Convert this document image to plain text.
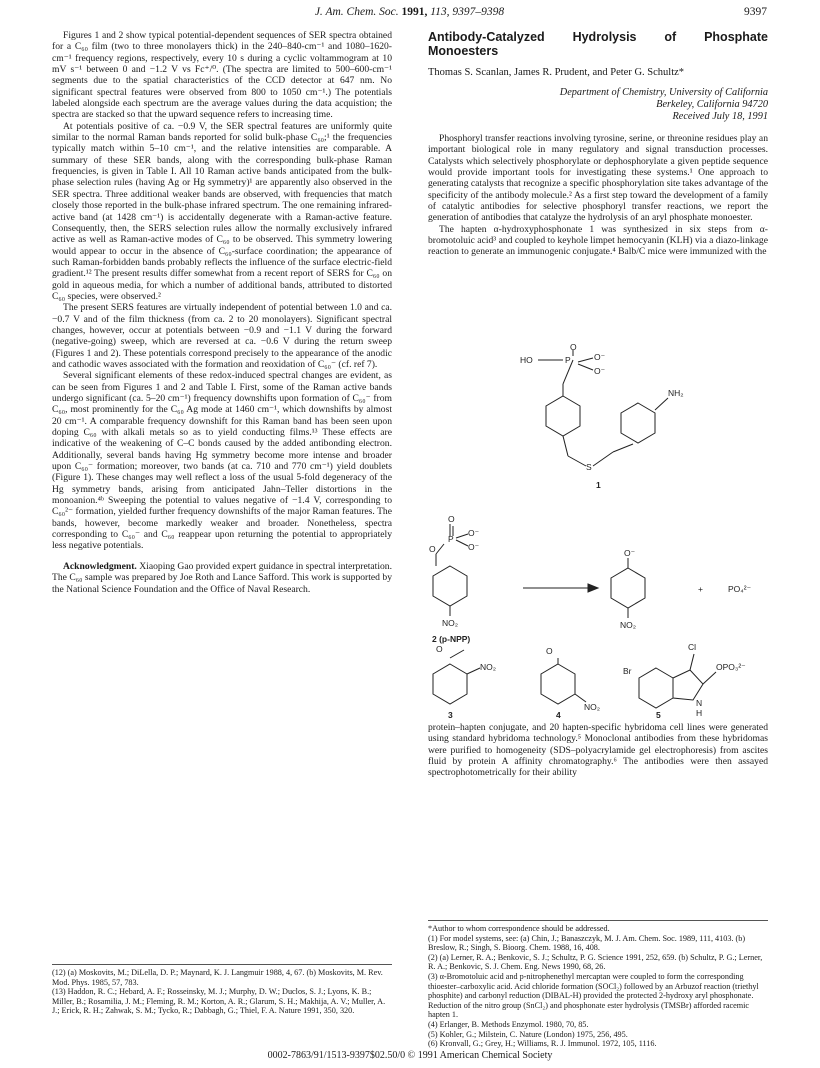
J. Am. Chem. Soc. 1991, 113, 9397–9398	9397

Figures 1 and 2 show typical potential-dependent sequences of SER spectra obtained for a C₆₀ film (two to three monolayers thick) in the 240–840-cm⁻¹ and 1080–1620-cm⁻¹ frequency regions, respectively, every 10 s during a cyclic voltammogram at 10 mV s⁻¹ between 0 and −1.2 V vs Fc⁺/⁰. (The spectra are limited to 500–600-cm⁻¹ segments due to the spatial characteristics of the CCD detector at 647 nm. No significant spectral features were observed from 800 to 1050 cm⁻¹.) The potentials labeled alongside each spectrum are the average values during the data acquistion; the spectra are stacked so that the upward sequence refers to increasing time.

At potentials positive of ca. −0.9 V, the SER spectral features are uniformly quite similar to the normal Raman bands reported for solid bulk-phase C₆₀;¹ the frequencies typically match within 5–10 cm⁻¹, and the relative intensities are comparable. A summary of these SER bands, along with the corresponding bulk-phase Raman frequencies, is given in Table I. All 10 Raman active bands anticipated from the bulk-phase selection rules (having Ag or Hg symmetry)¹ are apparently also observed in the SER spectra. Three additional weaker bands are observed, with frequencies that match closely those reported in the bulk-phase infrared spectrum. The one remaining infrared-active band (at 1428 cm⁻¹) is accidentally degenerate with a Raman-active feature. Consequently, then, the SERS selection rules allow the normally exclusively infrared active as well as Raman-active modes of C₆₀ to be observed. This symmetry lowering would appear to occur in the absence of C₆₀-surface coordination; the appearance of such Raman-forbidden bands probably reflects the influence of the surface electric-field gradient.¹² The present results differ somewhat from a recent report of SERS for C₆₀ on gold in aqueous media, for which a number of additional bands, attributed to distorted C₆₀ species, were observed.²

The present SERS features are virtually independent of potential between 1.0 and ca. −0.7 V and of the film thickness (from ca. 2 to 20 monolayers). Significant spectral changes, however, occur at potentials between −0.9 and −1.1 V during the forward (negative-going) sweep, which are reversed at ca. −0.6 V during the return sweep (Figures 1 and 2). These potentials correspond precisely to the appearance of the anodic and cathodic waves associated with the formation and reoxidation of C₆₀⁻ (cf. ref 7).

Several significant elements of these redox-induced spectral changes are evident, as can be seen from Figures 1 and 2 and Table I. First, some of the Raman active bands undergo significant (ca. 5–20 cm⁻¹) frequency downshifts upon formation of C₆₀⁻ from C₆₀, most prominently for the C₆₀ Ag mode at 1460 cm⁻¹, which downshifts by almost 20 cm⁻¹. A comparable frequency downshift for this Raman band has been seen upon doping C₆₀ with alkali metals so as to yield conducting films.¹³ These effects are indicative of the weakening of C–C bonds caused by the added antibonding electron. Additionally, several bands having Hg symmetry become more intense and broader upon C₆₀⁻ formation; moreover, two bands (at ca. 710 and 770 cm⁻¹) yield doublets (Figure 1). These changes may well reflect a loss of the usual 5-fold degeneracy of the Hg symmetry bands, arising from anticipated Jahn–Teller distortions in the monoanion.⁴ᵇ Sweeping the potential to values negative of −1.4 V, corresponding to C₆₀²⁻ formation, yielded further frequency downshifts of the major Raman features. The bands, however, become markedly weaker and broader. Nonetheless, spectra corresponding to C₆₀⁻ and C₆₀ reappear upon returning the potential to appropriately less negative potentials.

Acknowledgment. Xiaoping Gao provided expert guidance in spectral interpretation. The C₆₀ sample was prepared by Joe Roth and Lance Safford. This work is supported by the National Science Foundation and the Office of Naval Research.

(12) (a) Moskovits, M.; DiLella, D. P.; Maynard, K. J. Langmuir 1988, 4, 67. (b) Moskovits, M. Rev. Mod. Phys. 1985, 57, 783.

(13) Haddon, R. C.; Hebard, A. F.; Rosseinsky, M. J.; Murphy, D. W.; Duclos, S. J.; Lyons, K. B.; Miller, B.; Rosamilia, J. M.; Fleming, R. M.; Korton, A. R.; Glarum, S. H.; Makhija, A. V.; Muller, A. J.; Erick, R. H.; Zahwak, S. M.; Tycko, R.; Dabbagh, G.; Thiel, F. A. Nature 1991, 350, 320.

Antibody-Catalyzed Hydrolysis of Phosphate Monoesters
Thomas S. Scanlan, James R. Prudent, and Peter G. Schultz*
Department of Chemistry, University of California
Berkeley, California 94720
Received July 18, 1991

Phosphoryl transfer reactions involving tyrosine, serine, or threonine residues play an important biological role in many regulatory and signal transduction processes. Catalysts which selectively phosphorylate or dephosphorylate a given peptide sequence would provide important tools for investigating these systems.¹ One approach to generating catalysts that recognize a specific phosphorylation site takes advantage of the specificity of the antibody molecule.² As a first step toward the development of a family of catalytic antibodies for selective phosphoryl transfer reactions, we report the generation of antibodies that catalyze the hydrolysis of an aryl phosphate monoester.

The hapten α-hydroxyphosphonate 1 was synthesized in six steps from α-bromotoluic acid³ and coupled to keyhole limpet hemocyanin (KLH) via a diazo-linkage reaction to generate an immunogenic conjugate.⁴ Balb/C mice were immunized with the

HO	P
O
O⁻
O⁻
NH₂
S
1
O
P
O⁻
O⁻
O
NO₂
2 (p-NPP)
O⁻
NO₂
+	PO₄²⁻
O
NO₂
3
O
NO₂
4
Cl
Br	OPO₃²⁻
N
H
5

protein–hapten conjugate, and 20 hapten-specific hybridoma cell lines were generated using standard hybridoma technology.⁵ Monoclonal antibodies from these hybridomas were purified to homogeneity (SDS–polyacrylamide gel electrophoresis) from ascites fluid by protein A affinity chromatography.⁶ The antibodies were then assayed spectrophotometrically for their ability

*Author to whom correspondence should be addressed.

(1) For model systems, see: (a) Chin, J.; Banaszczyk, M. J. Am. Chem. Soc. 1989, 111, 4103. (b) Breslow, R.; Singh, S. Bioorg. Chem. 1988, 16, 408.

(2) (a) Lerner, R. A.; Benkovic, S. J.; Schultz, P. G. Science 1991, 252, 659. (b) Schultz, P. G.; Lerner, R. A.; Benkovic, S. J. Chem. Eng. News 1990, 68, 26.

(3) α-Bromotoluic acid and p-nitrophenethyl mercaptan were coupled to form the corresponding thioester–carboxylic acid. Acid chloride formation (SOCl₂) followed by an Arbuzof reaction (triethyl phosphite) and carbonyl reduction (DIBAL-H) provided the protected 2-hydroxy aryl phosphonate. Reduction of the nitro group (SnCl₂) and phosphonate ester hydrolysis (TMSBr) afforded racemic hapten 1.

(4) Erlanger, B. Methods Enzymol. 1980, 70, 85.

(5) Kohler, G.; Milstein, C. Nature (London) 1975, 256, 495.

(6) Kronvall, G.; Grey, H.; Williams, R. J. Immunol. 1972, 105, 1116.

0002-7863/91/1513-9397$02.50/0 © 1991 American Chemical Society
